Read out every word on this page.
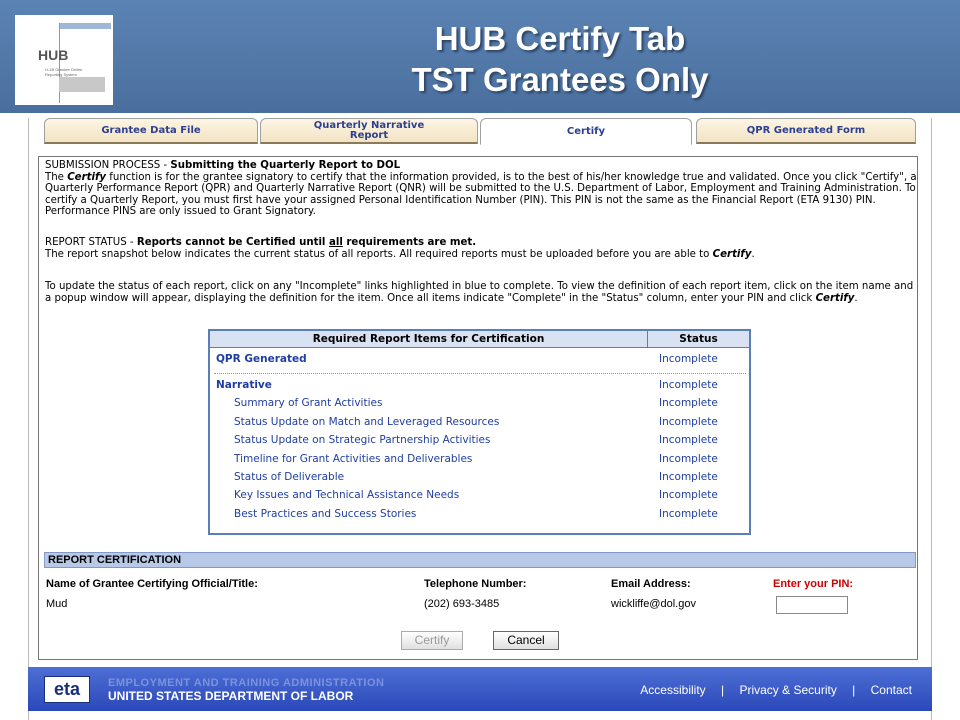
HUB
H-1B Grantee Online Reporting System
HUB Certify Tab
TST Grantees Only
Grantee Data File	Quarterly Narrative Report	Certify	QPR Generated Form
SUBMISSION PROCESS - Submitting the Quarterly Report to DOL
The Certify function is for the grantee signatory to certify that the information provided, is to the best of his/her knowledge true and validated. Once you click "Certify", a Quarterly Performance Report (QPR) and Quarterly Narrative Report (QNR) will be submitted to the U.S. Department of Labor, Employment and Training Administration. To certify a Quarterly Report, you must first have your assigned Personal Identification Number (PIN). This PIN is not the same as the Financial Report (ETA 9130) PIN. Performance PINS are only issued to Grant Signatory.
REPORT STATUS - Reports cannot be Certified until all requirements are met.
The report snapshot below indicates the current status of all reports. All required reports must be uploaded before you are able to Certify.
To update the status of each report, click on any "Incomplete" links highlighted in blue to complete. To view the definition of each report item, click on the item name and a popup window will appear, displaying the definition for the item. Once all items indicate "Complete" in the "Status" column, enter your PIN and click Certify.
Required Report Items for Certification	Status
QPR Generated	Incomplete
Narrative	Incomplete
Summary of Grant Activities	Incomplete
Status Update on Match and Leveraged Resources	Incomplete
Status Update on Strategic Partnership Activities	Incomplete
Timeline for Grant Activities and Deliverables	Incomplete
Status of Deliverable	Incomplete
Key Issues and Technical Assistance Needs	Incomplete
Best Practices and Success Stories	Incomplete
REPORT CERTIFICATION
Name of Grantee Certifying Official/Title:	Telephone Number:	Email Address:	Enter your PIN:
Mud	(202) 693-3485	wickliffe@dol.gov
Certify	Cancel
eta	EMPLOYMENT AND TRAINING ADMINISTRATION
UNITED STATES DEPARTMENT OF LABOR	Accessibility | Privacy & Security | Contact
